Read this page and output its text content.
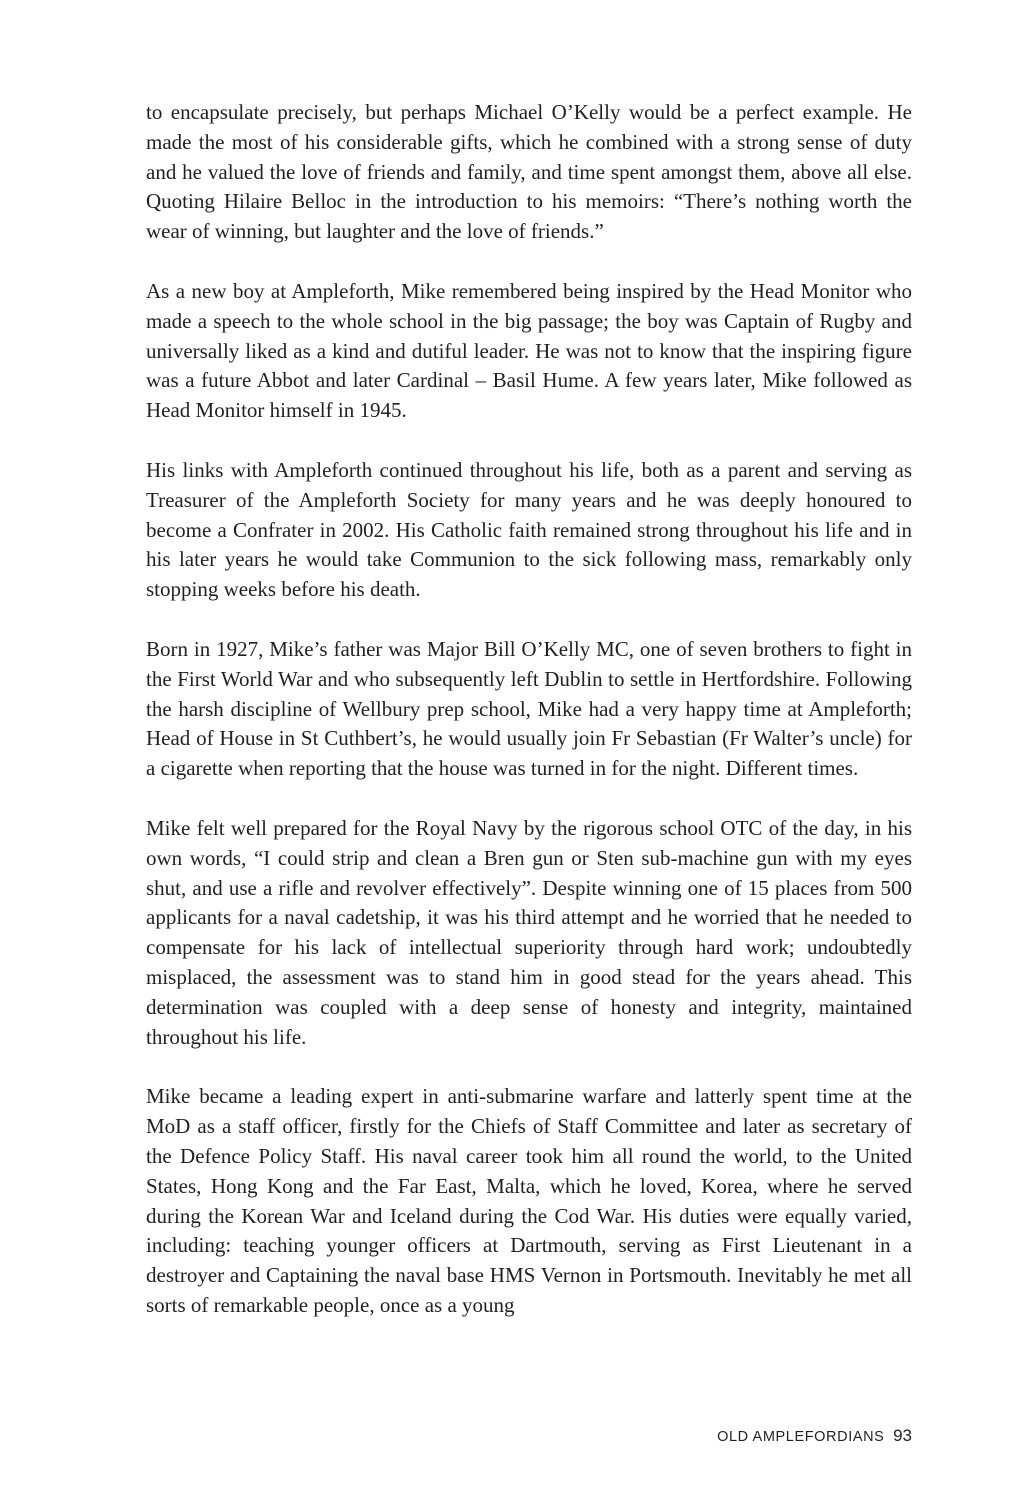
to encapsulate precisely, but perhaps Michael O’Kelly would be a perfect example. He made the most of his considerable gifts, which he combined with a strong sense of duty and he valued the love of friends and family, and time spent amongst them, above all else. Quoting Hilaire Belloc in the introduction to his memoirs: “There’s nothing worth the wear of winning, but laughter and the love of friends.”

As a new boy at Ampleforth, Mike remembered being inspired by the Head Monitor who made a speech to the whole school in the big passage; the boy was Captain of Rugby and universally liked as a kind and dutiful leader. He was not to know that the inspiring figure was a future Abbot and later Cardinal – Basil Hume. A few years later, Mike followed as Head Monitor himself in 1945.

His links with Ampleforth continued throughout his life, both as a parent and serving as Treasurer of the Ampleforth Society for many years and he was deeply honoured to become a Confrater in 2002. His Catholic faith remained strong throughout his life and in his later years he would take Communion to the sick following mass, remarkably only stopping weeks before his death.

Born in 1927, Mike’s father was Major Bill O’Kelly MC, one of seven brothers to fight in the First World War and who subsequently left Dublin to settle in Hertfordshire. Following the harsh discipline of Wellbury prep school, Mike had a very happy time at Ampleforth; Head of House in St Cuthbert’s, he would usually join Fr Sebastian (Fr Walter’s uncle) for a cigarette when reporting that the house was turned in for the night. Different times.

Mike felt well prepared for the Royal Navy by the rigorous school OTC of the day, in his own words, “I could strip and clean a Bren gun or Sten sub-machine gun with my eyes shut, and use a rifle and revolver effectively”. Despite winning one of 15 places from 500 applicants for a naval cadetship, it was his third attempt and he worried that he needed to compensate for his lack of intellectual superiority through hard work; undoubtedly misplaced, the assessment was to stand him in good stead for the years ahead. This determination was coupled with a deep sense of honesty and integrity, maintained throughout his life.

Mike became a leading expert in anti-submarine warfare and latterly spent time at the MoD as a staff officer, firstly for the Chiefs of Staff Committee and later as secretary of the Defence Policy Staff. His naval career took him all round the world, to the United States, Hong Kong and the Far East, Malta, which he loved, Korea, where he served during the Korean War and Iceland during the Cod War. His duties were equally varied, including: teaching younger officers at Dartmouth, serving as First Lieutenant in a destroyer and Captaining the naval base HMS Vernon in Portsmouth. Inevitably he met all sorts of remarkable people, once as a young

OLD AMPLEFORDIANS 93
